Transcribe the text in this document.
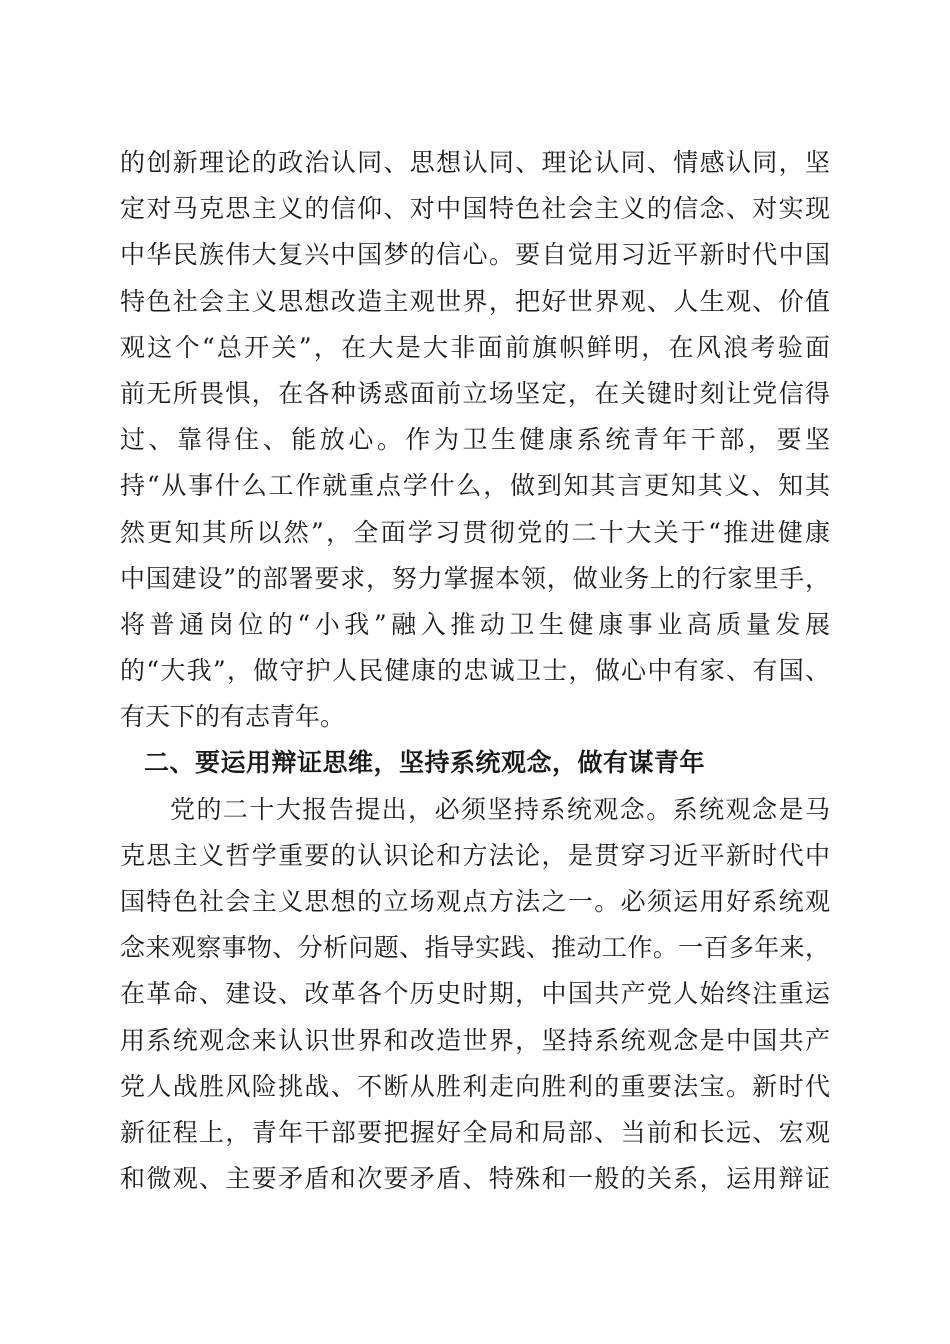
的创新理论的政治认同、思想认同、理论认同、情感认同，坚
定对马克思主义的信仰、对中国特色社会主义的信念、对实现
中华民族伟大复兴中国梦的信心。要自觉用习近平新时代中国
特色社会主义思想改造主观世界，把好世界观、人生观、价值
观这个“总开关”，在大是大非面前旗帜鲜明，在风浪考验面
前无所畏惧，在各种诱惑面前立场坚定，在关键时刻让党信得
过、靠得住、能放心。作为卫生健康系统青年干部，要坚
持“从事什么工作就重点学什么，做到知其言更知其义、知其
然更知其所以然”，全面学习贯彻党的二十大关于“推进健康
中国建设”的部署要求，努力掌握本领，做业务上的行家里手，
将普通岗位的“小我”融入推动卫生健康事业高质量发展
的“大我”，做守护人民健康的忠诚卫士，做心中有家、有国、
有天下的有志青年。
二、要运用辩证思维，坚持系统观念，做有谋青年
党的二十大报告提出，必须坚持系统观念。系统观念是马
克思主义哲学重要的认识论和方法论，是贯穿习近平新时代中
国特色社会主义思想的立场观点方法之一。必须运用好系统观
念来观察事物、分析问题、指导实践、推动工作。一百多年来，
在革命、建设、改革各个历史时期，中国共产党人始终注重运
用系统观念来认识世界和改造世界，坚持系统观念是中国共产
党人战胜风险挑战、不断从胜利走向胜利的重要法宝。新时代
新征程上，青年干部要把握好全局和局部、当前和长远、宏观
和微观、主要矛盾和次要矛盾、特殊和一般的关系，运用辩证
